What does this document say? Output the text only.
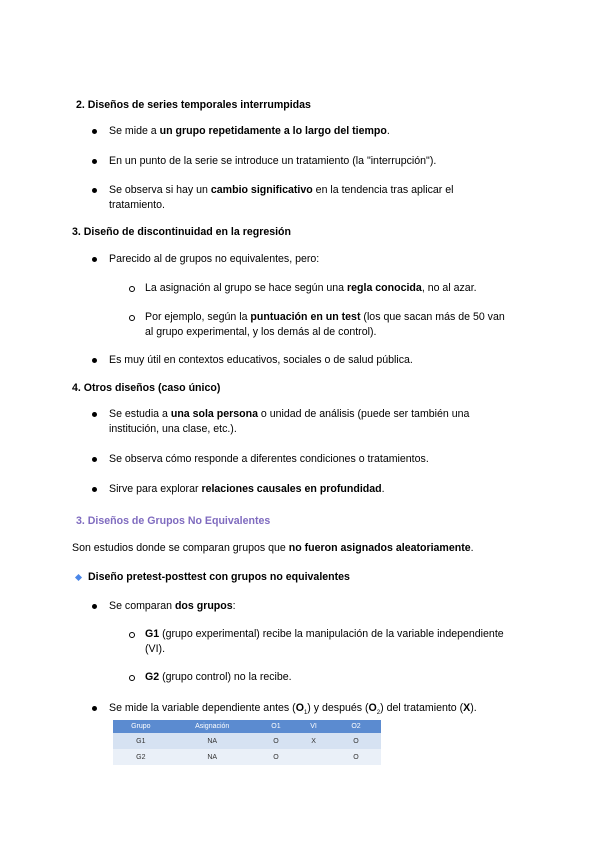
2. Diseños de series temporales interrumpidas
Se mide a un grupo repetidamente a lo largo del tiempo.
En un punto de la serie se introduce un tratamiento (la "interrupción").
Se observa si hay un cambio significativo en la tendencia tras aplicar el
tratamiento.
3. Diseño de discontinuidad en la regresión
Parecido al de grupos no equivalentes, pero:
La asignación al grupo se hace según una regla conocida, no al azar.
Por ejemplo, según la puntuación en un test (los que sacan más de 50 van
al grupo experimental, y los demás al de control).
Es muy útil en contextos educativos, sociales o de salud pública.
4. Otros diseños (caso único)
Se estudia a una sola persona o unidad de análisis (puede ser también una
institución, una clase, etc.).
Se observa cómo responde a diferentes condiciones o tratamientos.
Sirve para explorar relaciones causales en profundidad.
3. Diseños de Grupos No Equivalentes
Son estudios donde se comparan grupos que no fueron asignados aleatoriamente.
Diseño pretest-posttest con grupos no equivalentes
Se comparan dos grupos:
G1 (grupo experimental) recibe la manipulación de la variable independiente
(VI).
G2 (grupo control) no la recibe.
Se mide la variable dependiente antes $(O_1)$ y después $(O_2)$ del tratamiento (X).
Grupo	Asignación	O1	VI	O2
G1	NA	O	X	O
G2	NA	O		O
